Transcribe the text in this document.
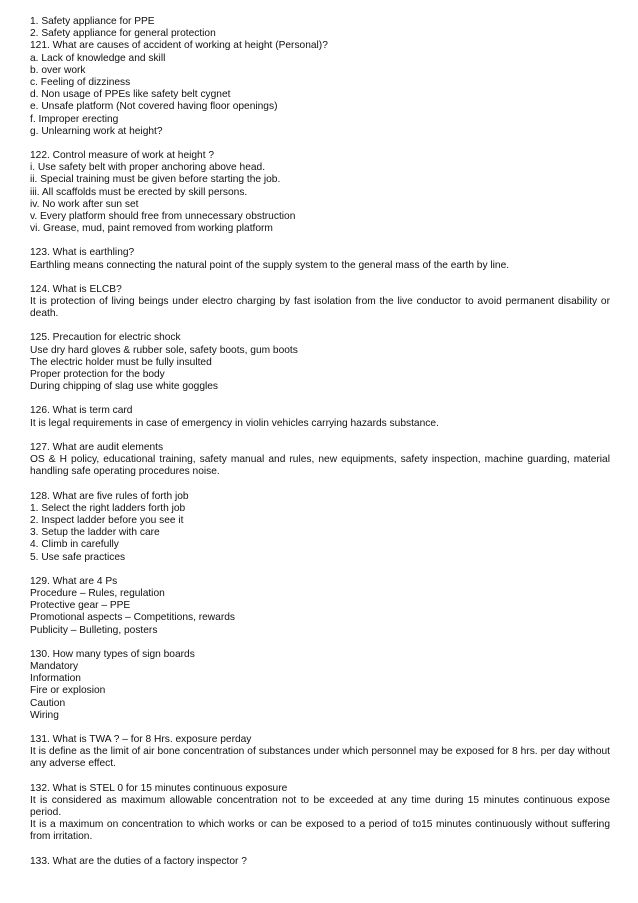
1. Safety appliance for PPE
2. Safety appliance for general protection
121. What are causes of accident of working at height (Personal)?
a. Lack of knowledge and skill
b. over work
c. Feeling of dizziness
d. Non usage of PPEs like safety belt cygnet
e. Unsafe platform (Not covered having floor openings)
f. Improper erecting
g. Unlearning work at height?
122. Control measure of work at height ?
i. Use safety belt with proper anchoring above head.
ii. Special training must be given before starting the job.
iii. All scaffolds must be erected by skill persons.
iv. No work after sun set
v. Every platform should free from unnecessary obstruction
vi. Grease, mud, paint removed from working platform
123. What is earthling?
Earthling means connecting the natural point of the supply system to the general mass of the earth by line.
124. What is ELCB?
It is protection of living beings under electro charging by fast isolation from the live conductor to avoid permanent disability or death.
125. Precaution for electric shock
Use dry hard gloves & rubber sole, safety boots, gum boots
The electric holder must be fully insulted
Proper protection for the body
During chipping of slag use white goggles
126. What is term card
It is legal requirements in case of emergency in violin vehicles carrying hazards substance.
127. What are audit elements
OS & H policy, educational training, safety manual and rules, new equipments, safety inspection, machine guarding, material handling safe operating procedures noise.
128. What are five rules of forth job
1. Select the right ladders forth job
2. Inspect ladder before you see it
3. Setup the ladder with care
4. Climb in carefully
5. Use safe practices
129. What are 4 Ps
Procedure – Rules, regulation
Protective gear – PPE
Promotional aspects – Competitions, rewards
Publicity – Bulleting, posters
130. How many types of sign boards
Mandatory
Information
Fire or explosion
Caution
Wiring
131. What is TWA ? – for 8 Hrs. exposure perday
It is define as the limit of air bone concentration of substances under which personnel may be exposed for 8 hrs. per day without any adverse effect.
132. What is STEL 0 for 15 minutes continuous exposure
It is considered as maximum allowable concentration not to be exceeded at any time during 15 minutes continuous expose period.
It is a maximum on concentration to which works or can be exposed to a period of to15 minutes continuously without suffering from irritation.
133. What are the duties of a factory inspector ?
